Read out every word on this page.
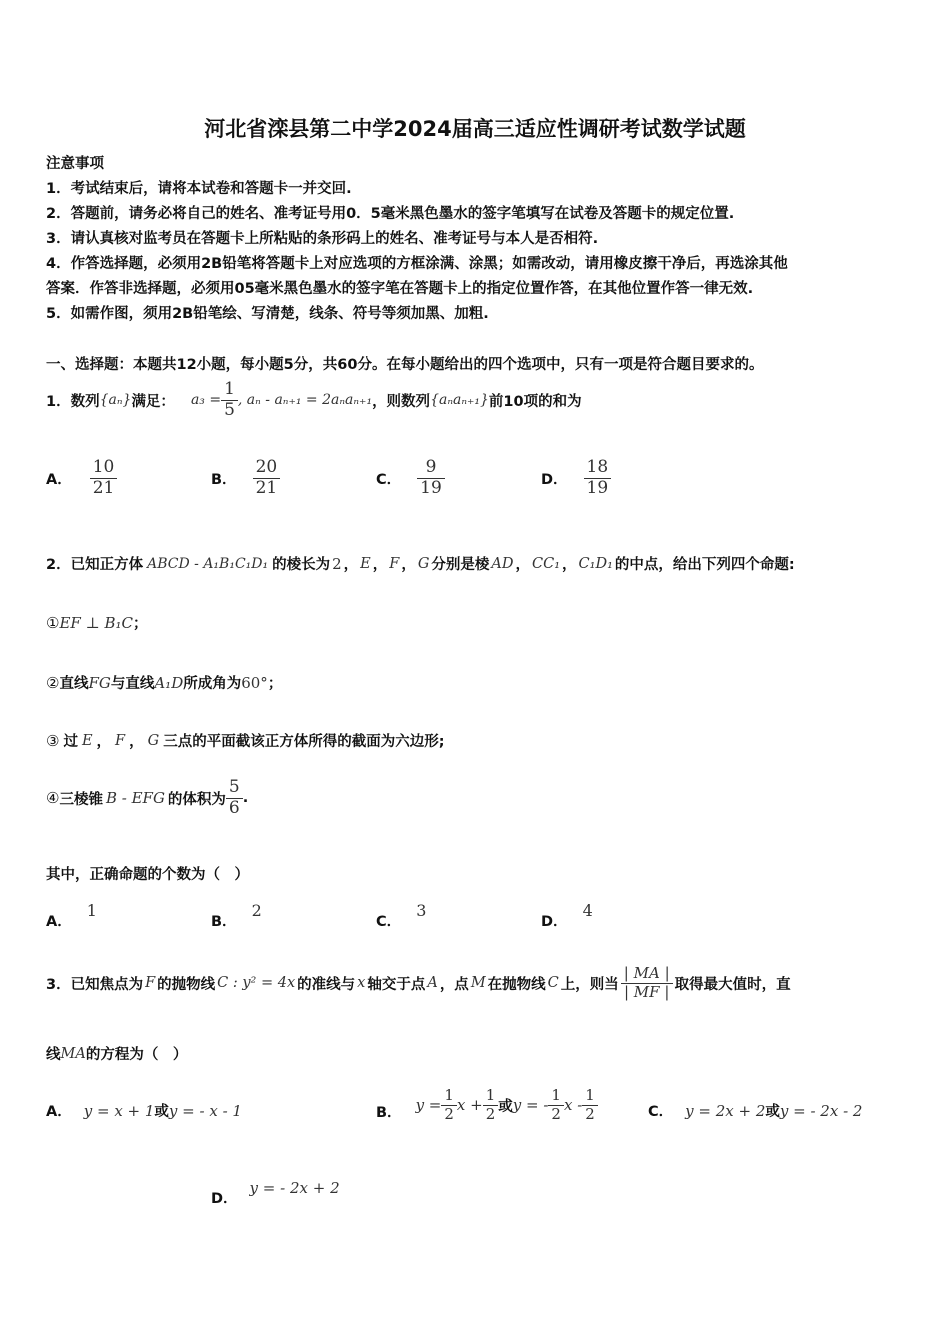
河北省滦县第二中学2024届高三适应性调研考试数学试题
注意事项
1．考试结束后，请将本试卷和答题卡一并交回.
2．答题前，请务必将自己的姓名、准考证号用0．5毫米黑色墨水的签字笔填写在试卷及答题卡的规定位置.
3．请认真核对监考员在答题卡上所粘贴的条形码上的姓名、准考证号与本人是否相符.
4．作答选择题，必须用2B铅笔将答题卡上对应选项的方框涂满、涂黑；如需改动，请用橡皮擦干净后，再选涂其他
答案．作答非选择题，必须用05毫米黑色墨水的签字笔在答题卡上的指定位置作答，在其他位置作答一律无效.
5．如需作图，须用2B铅笔绘、写清楚，线条、符号等须加黑、加粗.
一、选择题：本题共12小题，每小题5分，共60分。在每小题给出的四个选项中，只有一项是符合题目要求的。
1．数列 {aₙ} 满足： $a_3 = \frac{1}{5}$ , aₙ - aₙ₊₁ = 2aₙaₙ₊₁ ，则数列 {aₙaₙ₊₁} 前10项的和为
A． $\frac{10}{21}$	B． $\frac{20}{21}$	C． $\frac{9}{19}$	D． $\frac{18}{19}$
2．已知正方体 ABCD - A₁B₁C₁D₁ 的棱长为 2 ， E ， F ， G 分别是棱 AD ， CC₁ ， C₁D₁ 的中点，给出下列四个命题:
① EF ⊥ B₁C ；
② 直线 FG 与直线 A₁D 所成角为 60° ；
③ 过 E ， F ， G 三点的平面截该正方体所得的截面为六边形;
④ 三棱锥 B - EFG 的体积为 $\frac{5}{6}$ .
其中，正确命题的个数为（　）
A． 1
B． 2
C． 3
D． 4
3．已知焦点为 F 的抛物线 C : y² = 4x 的准线与 x 轴交于点 A ，点 M 在抛物线 C 上，则当 $\frac{| MA |}{| MF |}$ 取得最大值时，直
线 MA 的方程为（　）
A． y = x + 1 或 y = - x - 1	B． $y = \frac{1}{2}$ $x + \frac{1}{2}$ 或 y = - $\frac{1}{2}$ x - $\frac{1}{2}$	C． y = 2x + 2 或 y = - 2x - 2
D．
y = - 2x + 2
